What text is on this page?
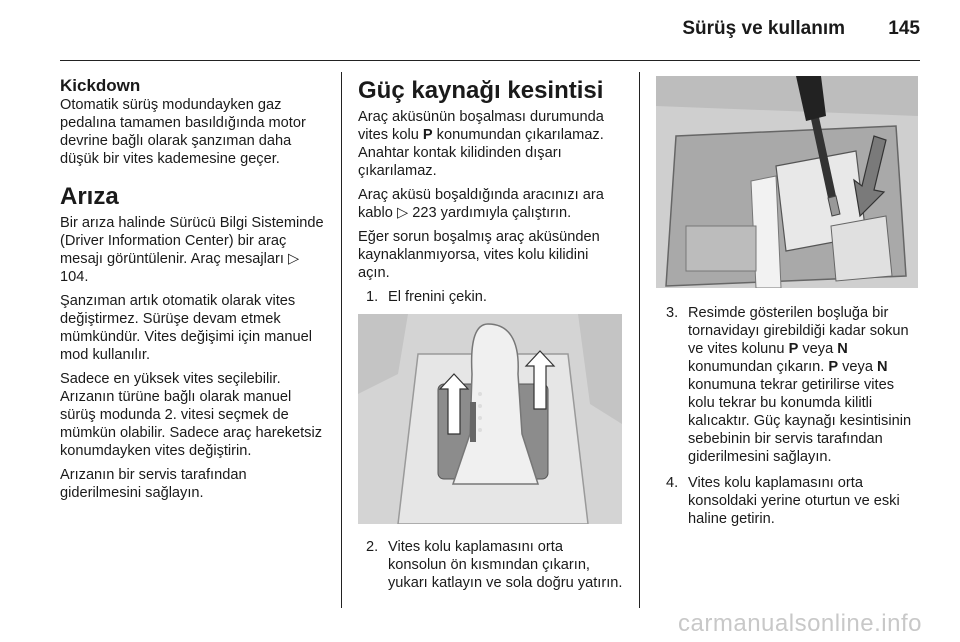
Sürüş ve kullanım 145
Kickdown

Otomatik sürüş modundayken gaz pedalına tamamen basıldığında motor devrine bağlı olarak şanzıman daha düşük bir vites kademesine geçer.

Arıza

Bir arıza halinde Sürücü Bilgi Sisteminde (Driver Information Center) bir araç mesajı görüntülenir. Araç mesajları ▷ 104.

Şanzıman artık otomatik olarak vites değiştirmez. Sürüşe devam etmek mümkündür. Vites değişimi için manuel mod kullanılır.

Sadece en yüksek vites seçilebilir. Arızanın türüne bağlı olarak manuel sürüş modunda 2. vitesi seçmek de mümkün olabilir. Sadece araç hareketsiz konumdayken vites değiştirin.

Arızanın bir servis tarafından giderilmesini sağlayın.

Güç kaynağı kesintisi

Araç aküsünün boşalması durumunda vites kolu P konumundan çıkarılamaz. Anahtar kontak kilidinden dışarı çıkarılamaz.

Araç aküsü boşaldığında aracınızı ara kablo ▷ 223 yardımıyla çalıştırın.

Eğer sorun boşalmış araç aküsünden kaynaklanmıyorsa, vites kolu kilidini açın.

1. El frenini çekin.
2. Vites kolu kaplamasını orta konsolun ön kısmından çıkarın, yukarı katlayın ve sola doğru yatırın.
3. Resimde gösterilen boşluğa bir tornavidayı girebildiği kadar sokun ve vites kolunu P veya N konumundan çıkarın. P veya N konumuna tekrar getirilirse vites kolu tekrar bu konumda kilitli kalıcaktır. Güç kaynağı kesintisinin sebebinin bir servis tarafından giderilmesini sağlayın.
4. Vites kolu kaplamasını orta konsoldaki yerine oturtun ve eski haline getirin.
carmanualsonline.info
